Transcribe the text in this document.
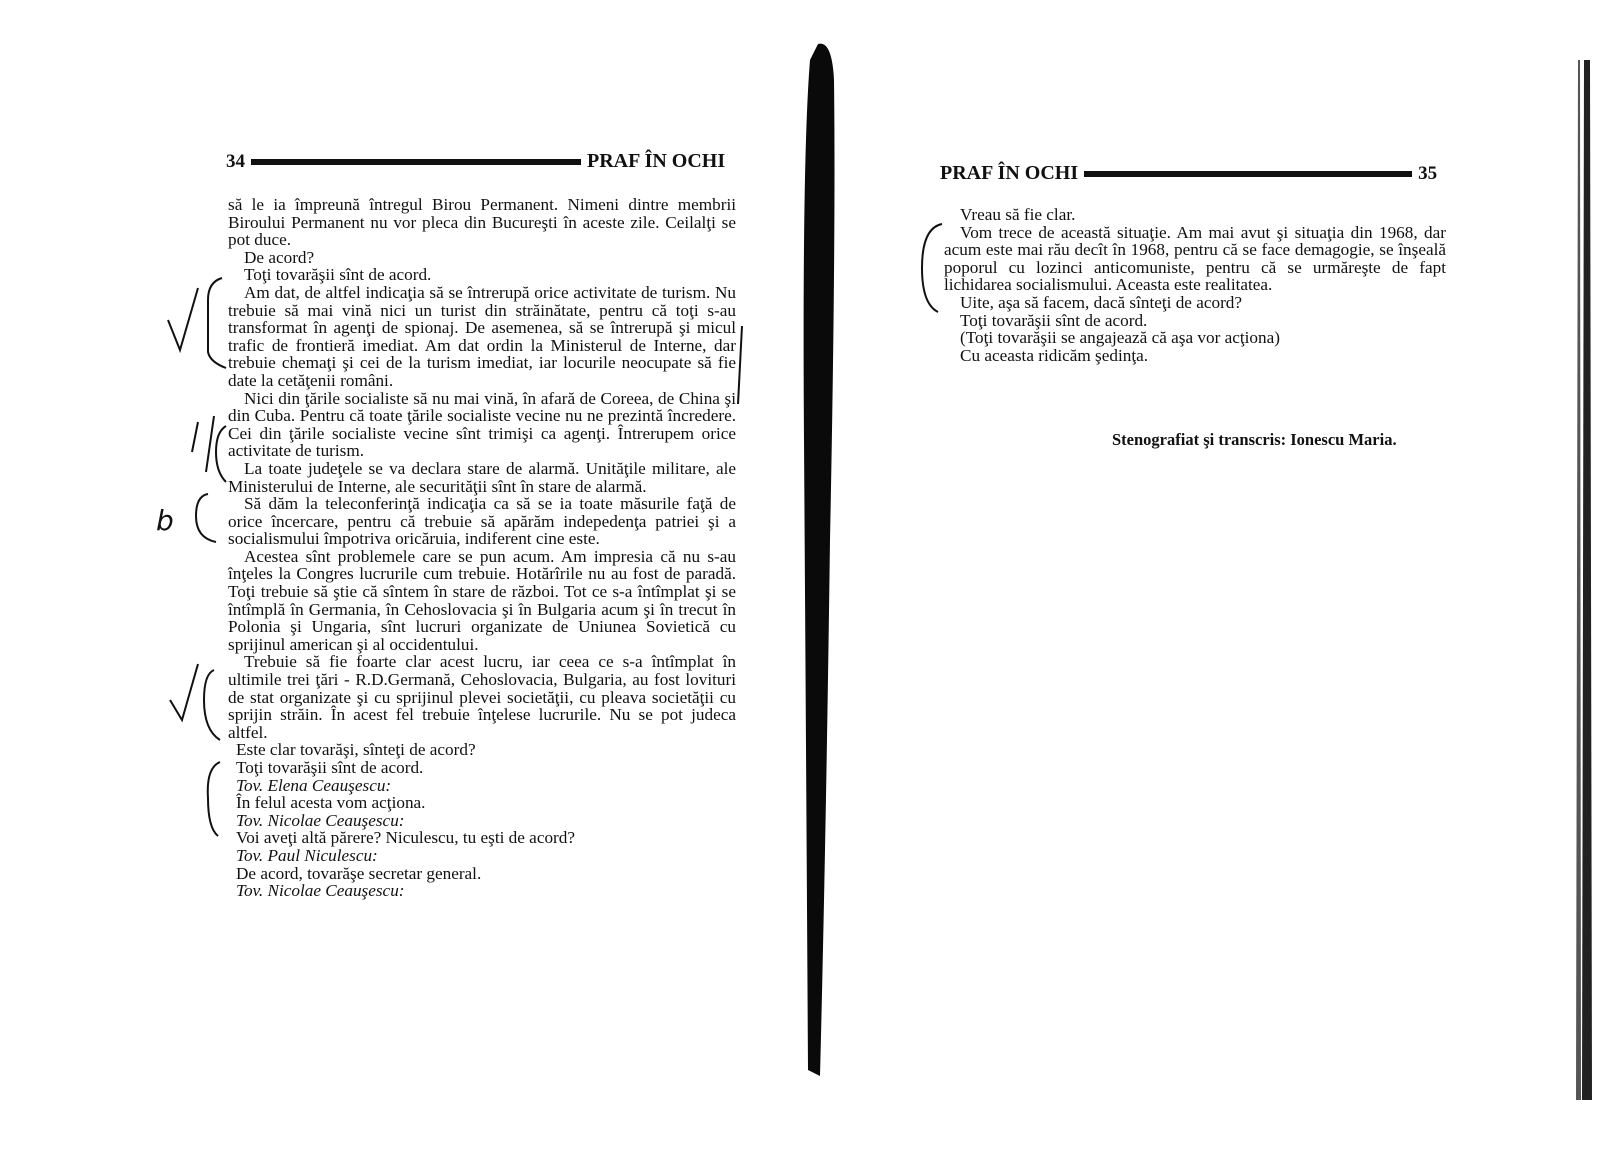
34	PRAF ÎN OCHI

să le ia împreună întregul Birou Permanent. Nimeni dintre membrii Biroului Permanent nu vor pleca din Bucureşti în aceste zile. Ceilalţi se pot duce.

De acord?

Toţi tovarăşii sînt de acord.

Am dat, de altfel indicaţia să se întrerupă orice activitate de turism. Nu trebuie să mai vină nici un turist din străinătate, pentru că toţi s-au transformat în agenţi de spionaj. De asemenea, să se întrerupă şi micul trafic de frontieră imediat. Am dat ordin la Ministerul de Interne, dar trebuie chemaţi şi cei de la turism imediat, iar locurile neocupate să fie date la cetăţenii români.

Nici din ţările socialiste să nu mai vină, în afară de Coreea, de China şi din Cuba. Pentru că toate ţările socialiste vecine nu ne prezintă încredere. Cei din ţările socialiste vecine sînt trimişi ca agenţi. Întrerupem orice activitate de turism.

La toate judeţele se va declara stare de alarmă. Unităţile militare, ale Ministerului de Interne, ale securităţii sînt în stare de alarmă.

Să dăm la teleconferinţă indicaţia ca să se ia toate măsurile faţă de orice încercare, pentru că trebuie să apărăm indepedenţa patriei şi a socialismului împotriva oricăruia, indiferent cine este.

Acestea sînt problemele care se pun acum. Am impresia că nu s-au înţeles la Congres lucrurile cum trebuie. Hotărîrile nu au fost de paradă. Toţi trebuie să ştie că sîntem în stare de război. Tot ce s-a întîmplat şi se întîmplă în Germania, în Cehoslovacia şi în Bulgaria acum şi în trecut în Polonia şi Ungaria, sînt lucruri organizate de Uniunea Sovietică cu sprijinul american şi al occidentului.

Trebuie să fie foarte clar acest lucru, iar ceea ce s-a întîmplat în ultimile trei ţări - R.D.Germană, Cehoslovacia, Bulgaria, au fost lovituri de stat organizate şi cu sprijinul plevei societăţii, cu pleava societăţii cu sprijin străin. În acest fel trebuie înţelese lucrurile. Nu se pot judeca altfel.

Este clar tovarăşi, sînteţi de acord?

Toţi tovarăşii sînt de acord.

Tov. Elena Ceauşescu:

În felul acesta vom acţiona.

Tov. Nicolae Ceauşescu:

Voi aveţi altă părere? Niculescu, tu eşti de acord?

Tov. Paul Niculescu:

De acord, tovarăşe secretar general.

Tov. Nicolae Ceauşescu:

b
PRAF ÎN OCHI	35

Vreau să fie clar.

Vom trece de această situaţie. Am mai avut şi situaţia din 1968, dar acum este mai rău decît în 1968, pentru că se face demagogie, se înşeală poporul cu lozinci anticomuniste, pentru că se urmăreşte de fapt lichidarea socialismului. Aceasta este realitatea.

Uite, aşa să facem, dacă sînteţi de acord?

Toţi tovarăşii sînt de acord.

(Toţi tovarăşii se angajează că aşa vor acţiona)

Cu aceasta ridicăm şedinţa.

Stenografiat şi transcris: Ionescu Maria.
